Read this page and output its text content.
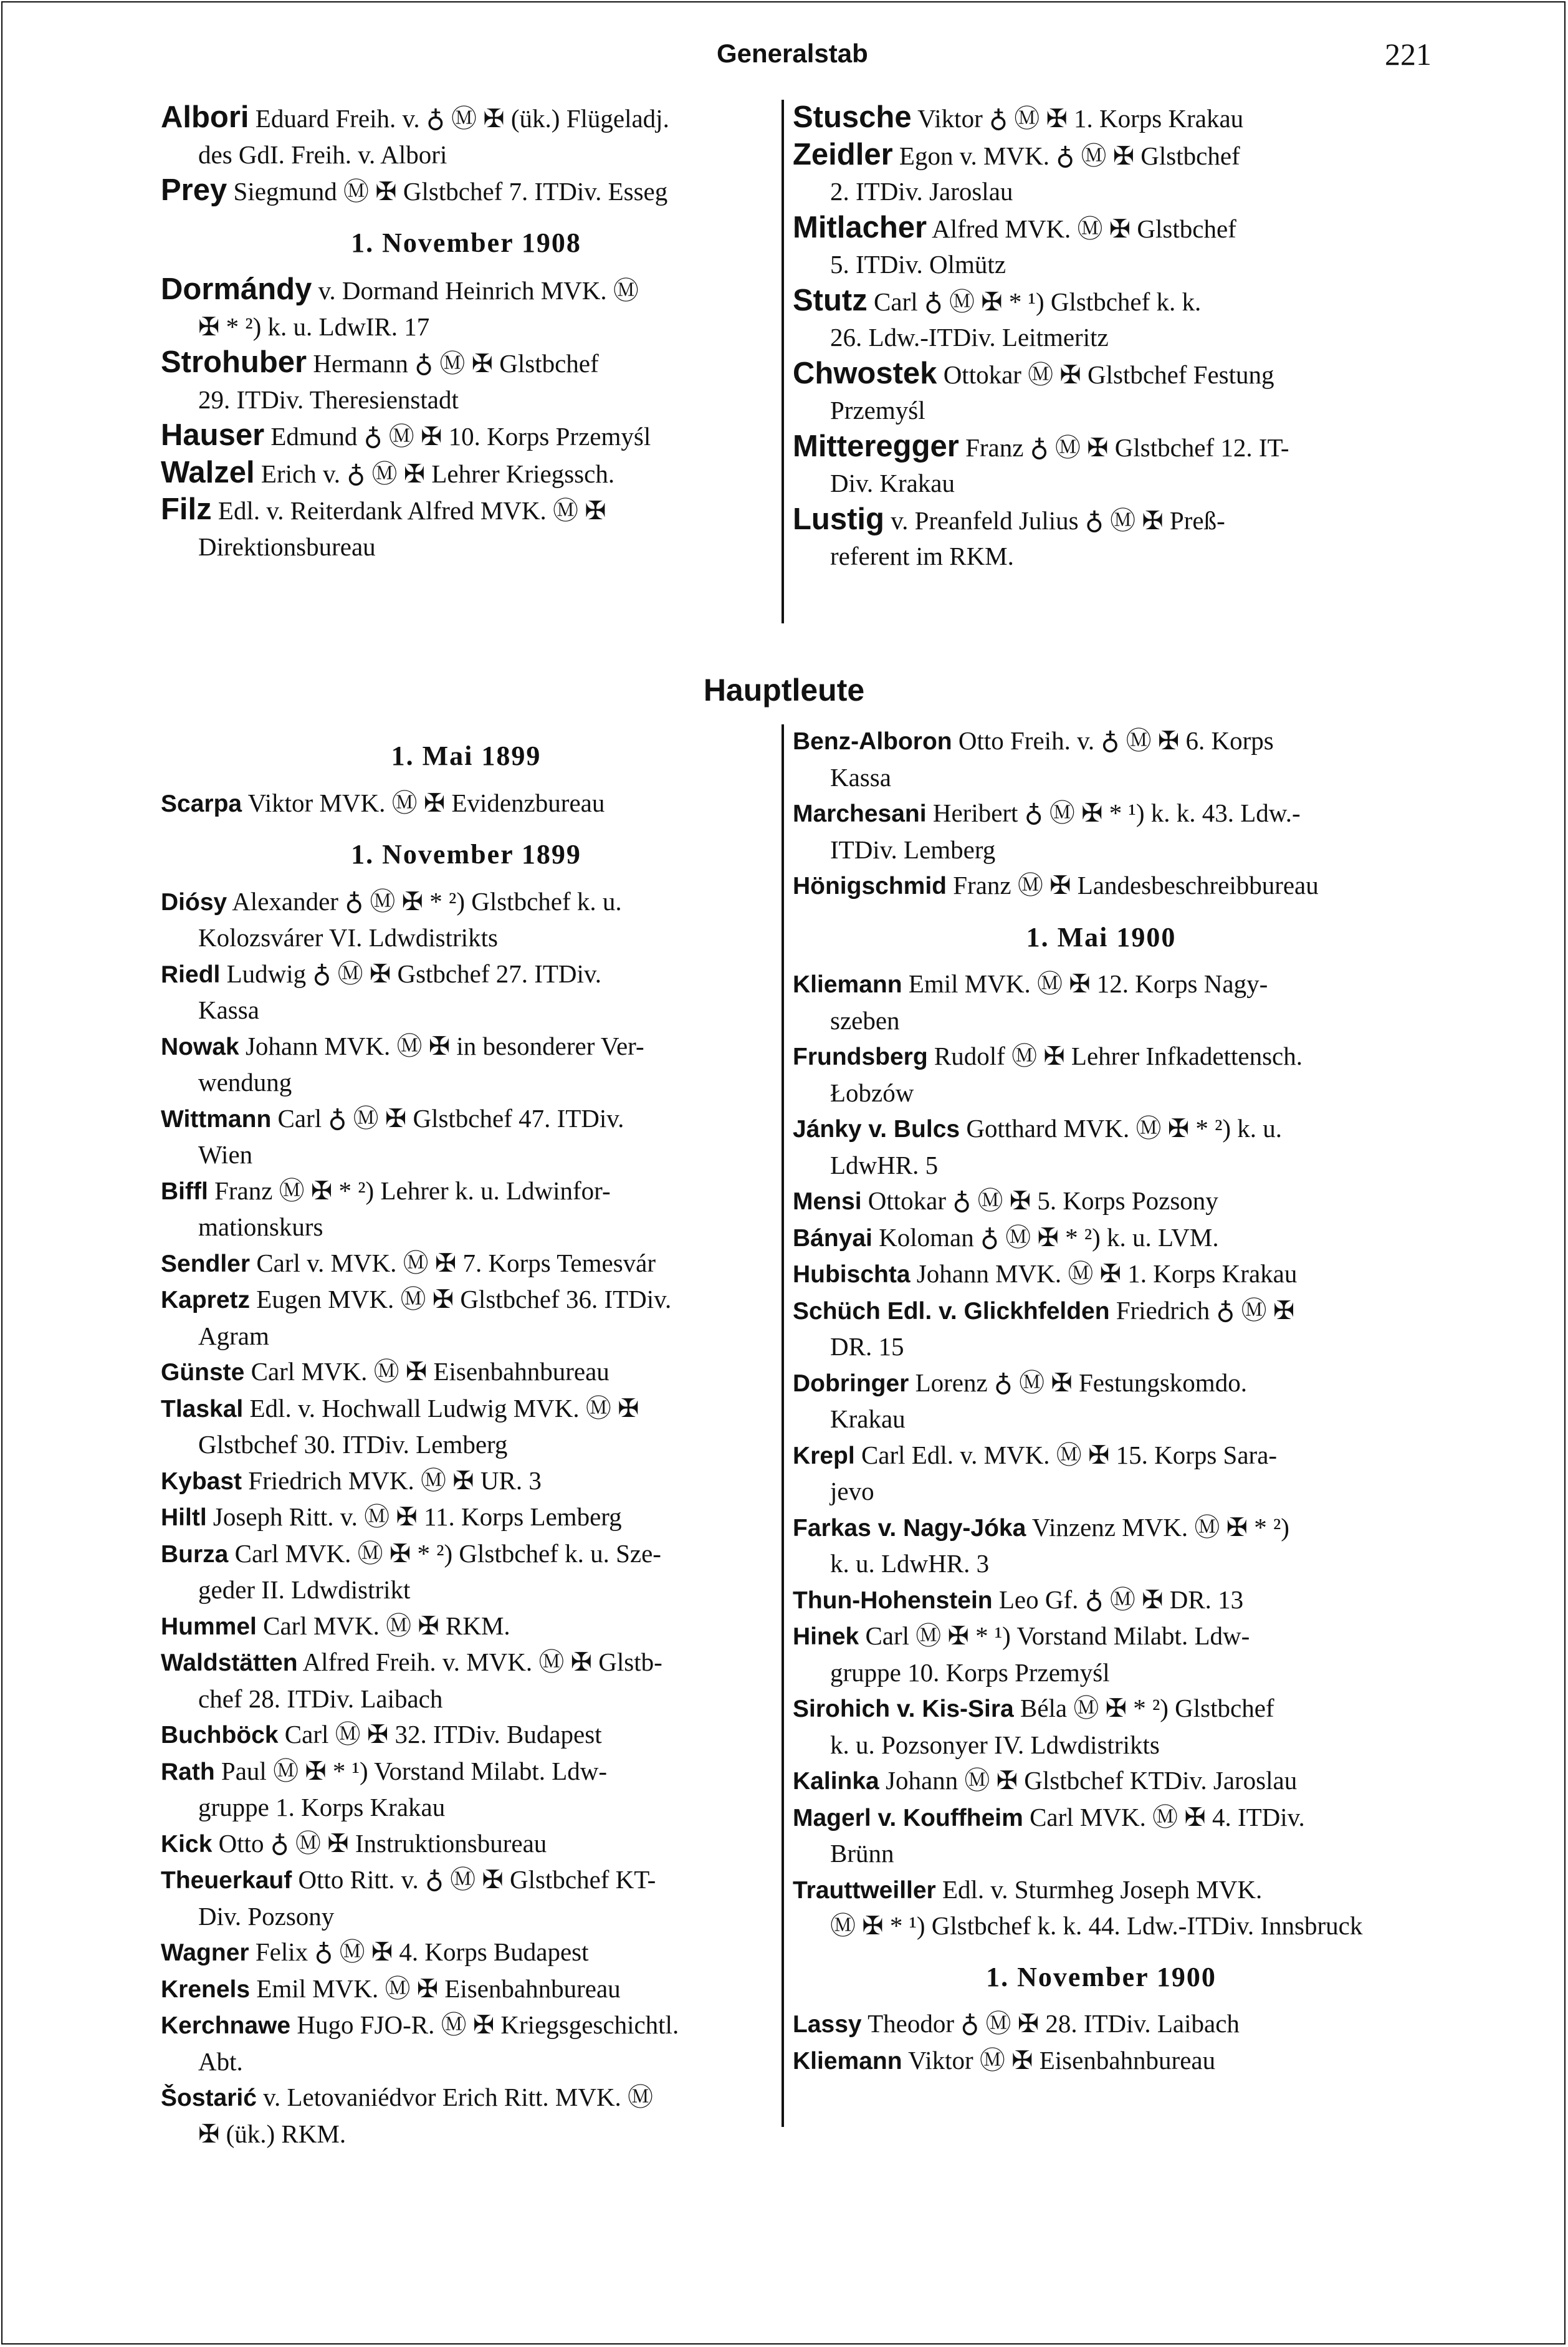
Generalstab	221
Albori Eduard Freih. v. ♁ Ⓜ ✠ (ük.) Flügeladj.
des GdI. Freih. v. Albori
Prey Siegmund Ⓜ ✠ Glstbchef 7. ITDiv. Esseg
1. November 1908
Dormándy v. Dormand Heinrich MVK. Ⓜ
✠ * ²) k. u. LdwIR. 17
Strohuber Hermann ♁ Ⓜ ✠ Glstbchef
29. ITDiv. Theresienstadt
Hauser Edmund ♁ Ⓜ ✠ 10. Korps Przemyśl
Walzel Erich v. ♁ Ⓜ ✠ Lehrer Kriegssch.
Filz Edl. v. Reiterdank Alfred MVK. Ⓜ ✠
Direktionsbureau
Stusche Viktor ♁ Ⓜ ✠ 1. Korps Krakau
Zeidler Egon v. MVK. ♁ Ⓜ ✠ Glstbchef
2. ITDiv. Jaroslau
Mitlacher Alfred MVK. Ⓜ ✠ Glstbchef
5. ITDiv. Olmütz
Stutz Carl ♁ Ⓜ ✠ * ¹) Glstbchef k. k.
26. Ldw.-ITDiv. Leitmeritz
Chwostek Ottokar Ⓜ ✠ Glstbchef Festung
Przemyśl
Mitteregger Franz ♁ Ⓜ ✠ Glstbchef 12. IT-
Div. Krakau
Lustig v. Preanfeld Julius ♁ Ⓜ ✠ Preß-
referent im RKM.
Hauptleute
1. Mai 1899
Scarpa Viktor MVK. Ⓜ ✠ Evidenzbureau
1. November 1899
Diósy Alexander ♁ Ⓜ ✠ * ²) Glstbchef k. u.
Kolozsvárer VI. Ldwdistrikts
Riedl Ludwig ♁ Ⓜ ✠ Gstbchef 27. ITDiv.
Kassa
Nowak Johann MVK. Ⓜ ✠ in besonderer Ver-
wendung
Wittmann Carl ♁ Ⓜ ✠ Glstbchef 47. ITDiv.
Wien
Biffl Franz Ⓜ ✠ * ²) Lehrer k. u. Ldwinfor-
mationskurs
Sendler Carl v. MVK. Ⓜ ✠ 7. Korps Temesvár
Kapretz Eugen MVK. Ⓜ ✠ Glstbchef 36. ITDiv.
Agram
Günste Carl MVK. Ⓜ ✠ Eisenbahnbureau
Tlaskal Edl. v. Hochwall Ludwig MVK. Ⓜ ✠
Glstbchef 30. ITDiv. Lemberg
Kybast Friedrich MVK. Ⓜ ✠ UR. 3
Hiltl Joseph Ritt. v. Ⓜ ✠ 11. Korps Lemberg
Burza Carl MVK. Ⓜ ✠ * ²) Glstbchef k. u. Sze-
geder II. Ldwdistrikt
Hummel Carl MVK. Ⓜ ✠ RKM.
Waldstätten Alfred Freih. v. MVK. Ⓜ ✠ Glstb-
chef 28. ITDiv. Laibach
Buchböck Carl Ⓜ ✠ 32. ITDiv. Budapest
Rath Paul Ⓜ ✠ * ¹) Vorstand Milabt. Ldw-
gruppe 1. Korps Krakau
Kick Otto ♁ Ⓜ ✠ Instruktionsbureau
Theuerkauf Otto Ritt. v. ♁ Ⓜ ✠ Glstbchef KT-
Div. Pozsony
Wagner Felix ♁ Ⓜ ✠ 4. Korps Budapest
Krenels Emil MVK. Ⓜ ✠ Eisenbahnbureau
Kerchnawe Hugo FJO-R. Ⓜ ✠ Kriegsgeschichtl.
Abt.
Šostarić v. Letovaniédvor Erich Ritt. MVK. Ⓜ
✠ (ük.) RKM.
Benz-Alboron Otto Freih. v. ♁ Ⓜ ✠ 6. Korps
Kassa
Marchesani Heribert ♁ Ⓜ ✠ * ¹) k. k. 43. Ldw.-
ITDiv. Lemberg
Hönigschmid Franz Ⓜ ✠ Landesbeschreibbureau
1. Mai 1900
Kliemann Emil MVK. Ⓜ ✠ 12. Korps Nagy-
szeben
Frundsberg Rudolf Ⓜ ✠ Lehrer Infkadettensch.
Łobzów
Jánky v. Bulcs Gotthard MVK. Ⓜ ✠ * ²) k. u.
LdwHR. 5
Mensi Ottokar ♁ Ⓜ ✠ 5. Korps Pozsony
Bányai Koloman ♁ Ⓜ ✠ * ²) k. u. LVM.
Hubischta Johann MVK. Ⓜ ✠ 1. Korps Krakau
Schüch Edl. v. Glickhfelden Friedrich ♁ Ⓜ ✠
DR. 15
Dobringer Lorenz ♁ Ⓜ ✠ Festungskomdo.
Krakau
Krepl Carl Edl. v. MVK. Ⓜ ✠ 15. Korps Sara-
jevo
Farkas v. Nagy-Jóka Vinzenz MVK. Ⓜ ✠ * ²)
k. u. LdwHR. 3
Thun-Hohenstein Leo Gf. ♁ Ⓜ ✠ DR. 13
Hinek Carl Ⓜ ✠ * ¹) Vorstand Milabt. Ldw-
gruppe 10. Korps Przemyśl
Sirohich v. Kis-Sira Béla Ⓜ ✠ * ²) Glstbchef
k. u. Pozsonyer IV. Ldwdistrikts
Kalinka Johann Ⓜ ✠ Glstbchef KTDiv. Jaroslau
Magerl v. Kouffheim Carl MVK. Ⓜ ✠ 4. ITDiv.
Brünn
Trauttweiller Edl. v. Sturmheg Joseph MVK.
Ⓜ ✠ * ¹) Glstbchef k. k. 44. Ldw.-ITDiv. Innsbruck
1. November 1900
Lassy Theodor ♁ Ⓜ ✠ 28. ITDiv. Laibach
Kliemann Viktor Ⓜ ✠ Eisenbahnbureau
